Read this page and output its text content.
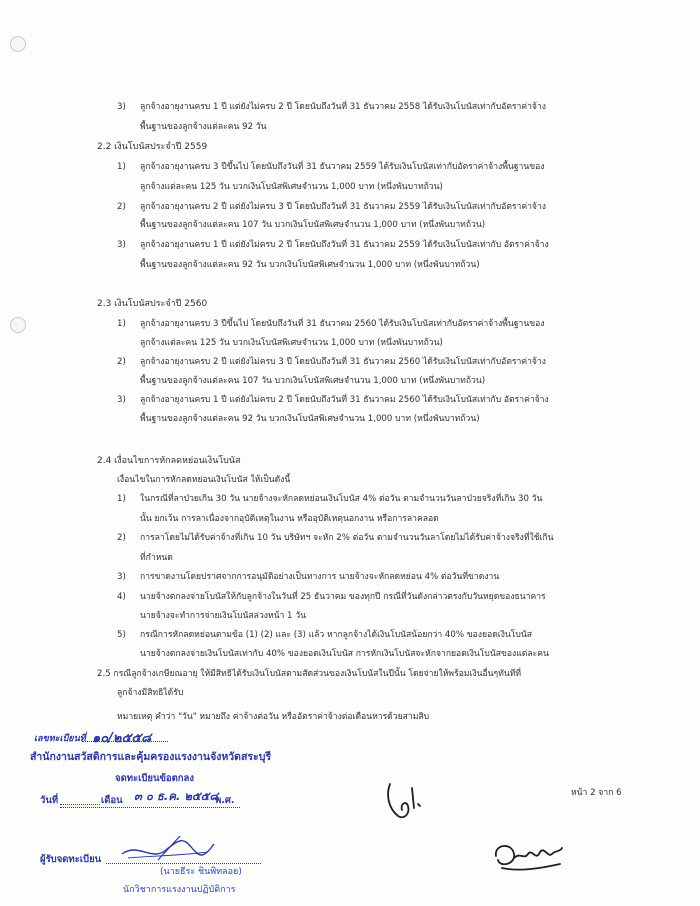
3) ลูกจ้างอายุงานครบ 1 ปี แต่ยังไม่ครบ 2 ปี โดยนับถึงวันที่ 31 ธันวาคม 2558 ได้รับเงินโบนัสเท่ากับอัตราค่าจ้าง
พื้นฐานของลูกจ้างแต่ละคน 92 วัน
2.2 เงินโบนัสประจำปี 2559
1) ลูกจ้างอายุงานครบ 3 ปีขึ้นไป โดยนับถึงวันที่ 31 ธันวาคม 2559 ได้รับเงินโบนัสเท่ากับอัตราค่าจ้างพื้นฐานของ
ลูกจ้างแต่ละคน 125 วัน บวกเงินโบนัสพิเศษจำนวน 1,000 บาท (หนึ่งพันบาทถ้วน)
2) ลูกจ้างอายุงานครบ 2 ปี แต่ยังไม่ครบ 3 ปี โดยนับถึงวันที่ 31 ธันวาคม 2559 ได้รับเงินโบนัสเท่ากับอัตราค่าจ้าง
พื้นฐานของลูกจ้างแต่ละคน 107 วัน บวกเงินโบนัสพิเศษจำนวน 1,000 บาท (หนึ่งพันบาทถ้วน)
3) ลูกจ้างอายุงานครบ 1 ปี แต่ยังไม่ครบ 2 ปี โดยนับถึงวันที่ 31 ธันวาคม 2559 ได้รับเงินโบนัสเท่ากับ อัตราค่าจ้าง
พื้นฐานของลูกจ้างแต่ละคน 92 วัน บวกเงินโบนัสพิเศษจำนวน 1,000 บาท (หนึ่งพันบาทถ้วน)
2.3 เงินโบนัสประจำปี 2560
1) ลูกจ้างอายุงานครบ 3 ปีขึ้นไป โดยนับถึงวันที่ 31 ธันวาคม 2560 ได้รับเงินโบนัสเท่ากับอัตราค่าจ้างพื้นฐานของ
ลูกจ้างแต่ละคน 125 วัน บวกเงินโบนัสพิเศษจำนวน 1,000 บาท (หนึ่งพันบาทถ้วน)
2) ลูกจ้างอายุงานครบ 2 ปี แต่ยังไม่ครบ 3 ปี โดยนับถึงวันที่ 31 ธันวาคม 2560 ได้รับเงินโบนัสเท่ากับอัตราค่าจ้าง
พื้นฐานของลูกจ้างแต่ละคน 107 วัน บวกเงินโบนัสพิเศษจำนวน 1,000 บาท (หนึ่งพันบาทถ้วน)
3) ลูกจ้างอายุงานครบ 1 ปี แต่ยังไม่ครบ 2 ปี โดยนับถึงวันที่ 31 ธันวาคม 2560 ได้รับเงินโบนัสเท่ากับ อัตราค่าจ้าง
พื้นฐานของลูกจ้างแต่ละคน 92 วัน บวกเงินโบนัสพิเศษจำนวน 1,000 บาท (หนึ่งพันบาทถ้วน)
2.4 เงื่อนไขการหักลดหย่อนเงินโบนัส
เงื่อนไขในการหักลดหย่อนเงินโบนัส ให้เป็นดังนี้
1) ในกรณีที่ลาป่วยเกิน 30 วัน นายจ้างจะหักลดหย่อนเงินโบนัส 4% ต่อวัน ตามจำนวนวันลาป่วยจริงที่เกิน 30 วัน
นั้น ยกเว้น การลาเนื่องจากอุบัติเหตุในงาน หรืออุบัติเหตุนอกงาน หรือการลาคลอด
2) การลาโดยไม่ได้รับค่าจ้างที่เกิน 10 วัน บริษัทฯ จะหัก 2% ต่อวัน ตามจำนวนวันลาโดยไม่ได้รับค่าจ้างจริงที่ใช้เกิน
ที่กำหนด
3) การขาดงานโดยปราศจากการอนุมัติอย่างเป็นทางการ นายจ้างจะหักลดหย่อน 4% ต่อวันที่ขาดงาน
4) นายจ้างตกลงจ่ายโบนัสให้กับลูกจ้างในวันที่ 25 ธันวาคม ของทุกปี กรณีที่วันดังกล่าวตรงกับวันหยุดของธนาคาร
นายจ้างจะทำการจ่ายเงินโบนัสล่วงหน้า 1 วัน
5) กรณีการหักลดหย่อนตามข้อ (1) (2) และ (3) แล้ว หากลูกจ้างได้เงินโบนัสน้อยกว่า 40% ของยอดเงินโบนัส
นายจ้างตกลงจ่ายเงินโบนัสเท่ากับ 40% ของยอดเงินโบนัส การหักเงินโบนัสจะหักจากยอดเงินโบนัสของแต่ละคน
2.5 กรณีลูกจ้างเกษียณอายุ ให้มีสิทธิได้รับเงินโบนัสตามสัดส่วนของเงินโบนัสในปีนั้น โดยจ่ายให้พร้อมเงินอื่นๆทันทีที่
ลูกจ้างมีสิทธิได้รับ
หมายเหตุ คำว่า "วัน" หมายถึง ค่าจ้างต่อวัน หรืออัตราค่าจ้างต่อเดือนหารด้วยสามสิบ
เลขทะเบียนที่ ๑๐/๒๕๕๘
สำนักงานสวัสดิการและคุ้มครองแรงงานจังหวัดสระบุรี
จดทะเบียนข้อตกลง
วันที่	เดือน ๓ ๐ ธ.ค. ๒๕๕๘
พ.ศ.
ผู้รับจดทะเบียน
(นายธีระ ชินพิทลอย)
นักวิชาการแรงงานปฏิบัติการ
หน้า 2 จาก 6
